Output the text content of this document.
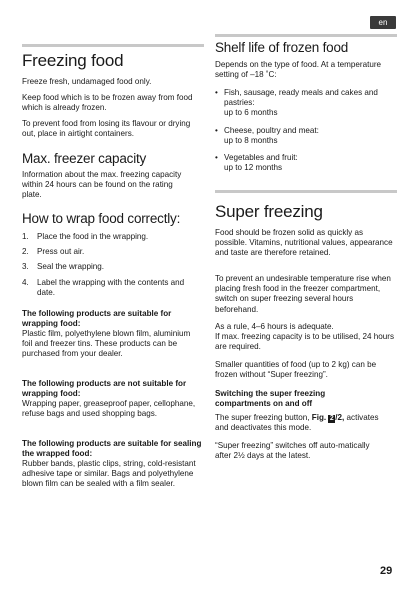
en
Freezing food

Freeze fresh, undamaged food only.

Keep food which is to be frozen away from food which is already frozen.

To prevent food from losing its flavour or drying out, place in airtight containers.

Max. freezer capacity

Information about the max. freezing capacity within 24 hours can be found on the rating plate.

How to wrap food correctly:
1. Place the food in the wrapping.
2. Press out air.
3. Seal the wrapping.
4. Label the wrapping with the contents and date.

The following products are suitable for wrapping food:

Plastic film, polyethylene blown film, aluminium foil and freezer tins. These products can be purchased from your dealer.

The following products are not suitable for wrapping food:

Wrapping paper, greaseproof paper, cellophane, refuse bags and used shopping bags.

The following products are suitable for sealing the wrapped food:

Rubber bands, plastic clips, string, cold-resistant adhesive tape or similar. Bags and polyethylene blown film can be sealed with a film sealer.

Shelf life of frozen food

Depends on the type of food. At a temperature setting of –18 ˚C:

• Fish, sausage, ready meals and cakes and pastries:
up to 6 months
• Cheese, poultry and meat:
up to 8 months
• Vegetables and fruit:
up to 12 months
Super freezing

Food should be frozen solid as quickly as possible. Vitamins, nutritional values, appearance and taste are therefore retained.

To prevent an undesirable temperature rise when placing fresh food in the freezer compartment, switch on super freezing several hours beforehand.

As a rule, 4–6 hours is adequate.
If max. freezing capacity is to be utilised, 24 hours are required.

Smaller quantities of food (up to 2 kg) can be frozen without “Super freezing”.

Switching the super freezing compartments on and off

The super freezing button, Fig. 2 /2, activates and deactivates this mode.

“Super freezing” switches off auto-matically after 2½ days at the latest.

29
